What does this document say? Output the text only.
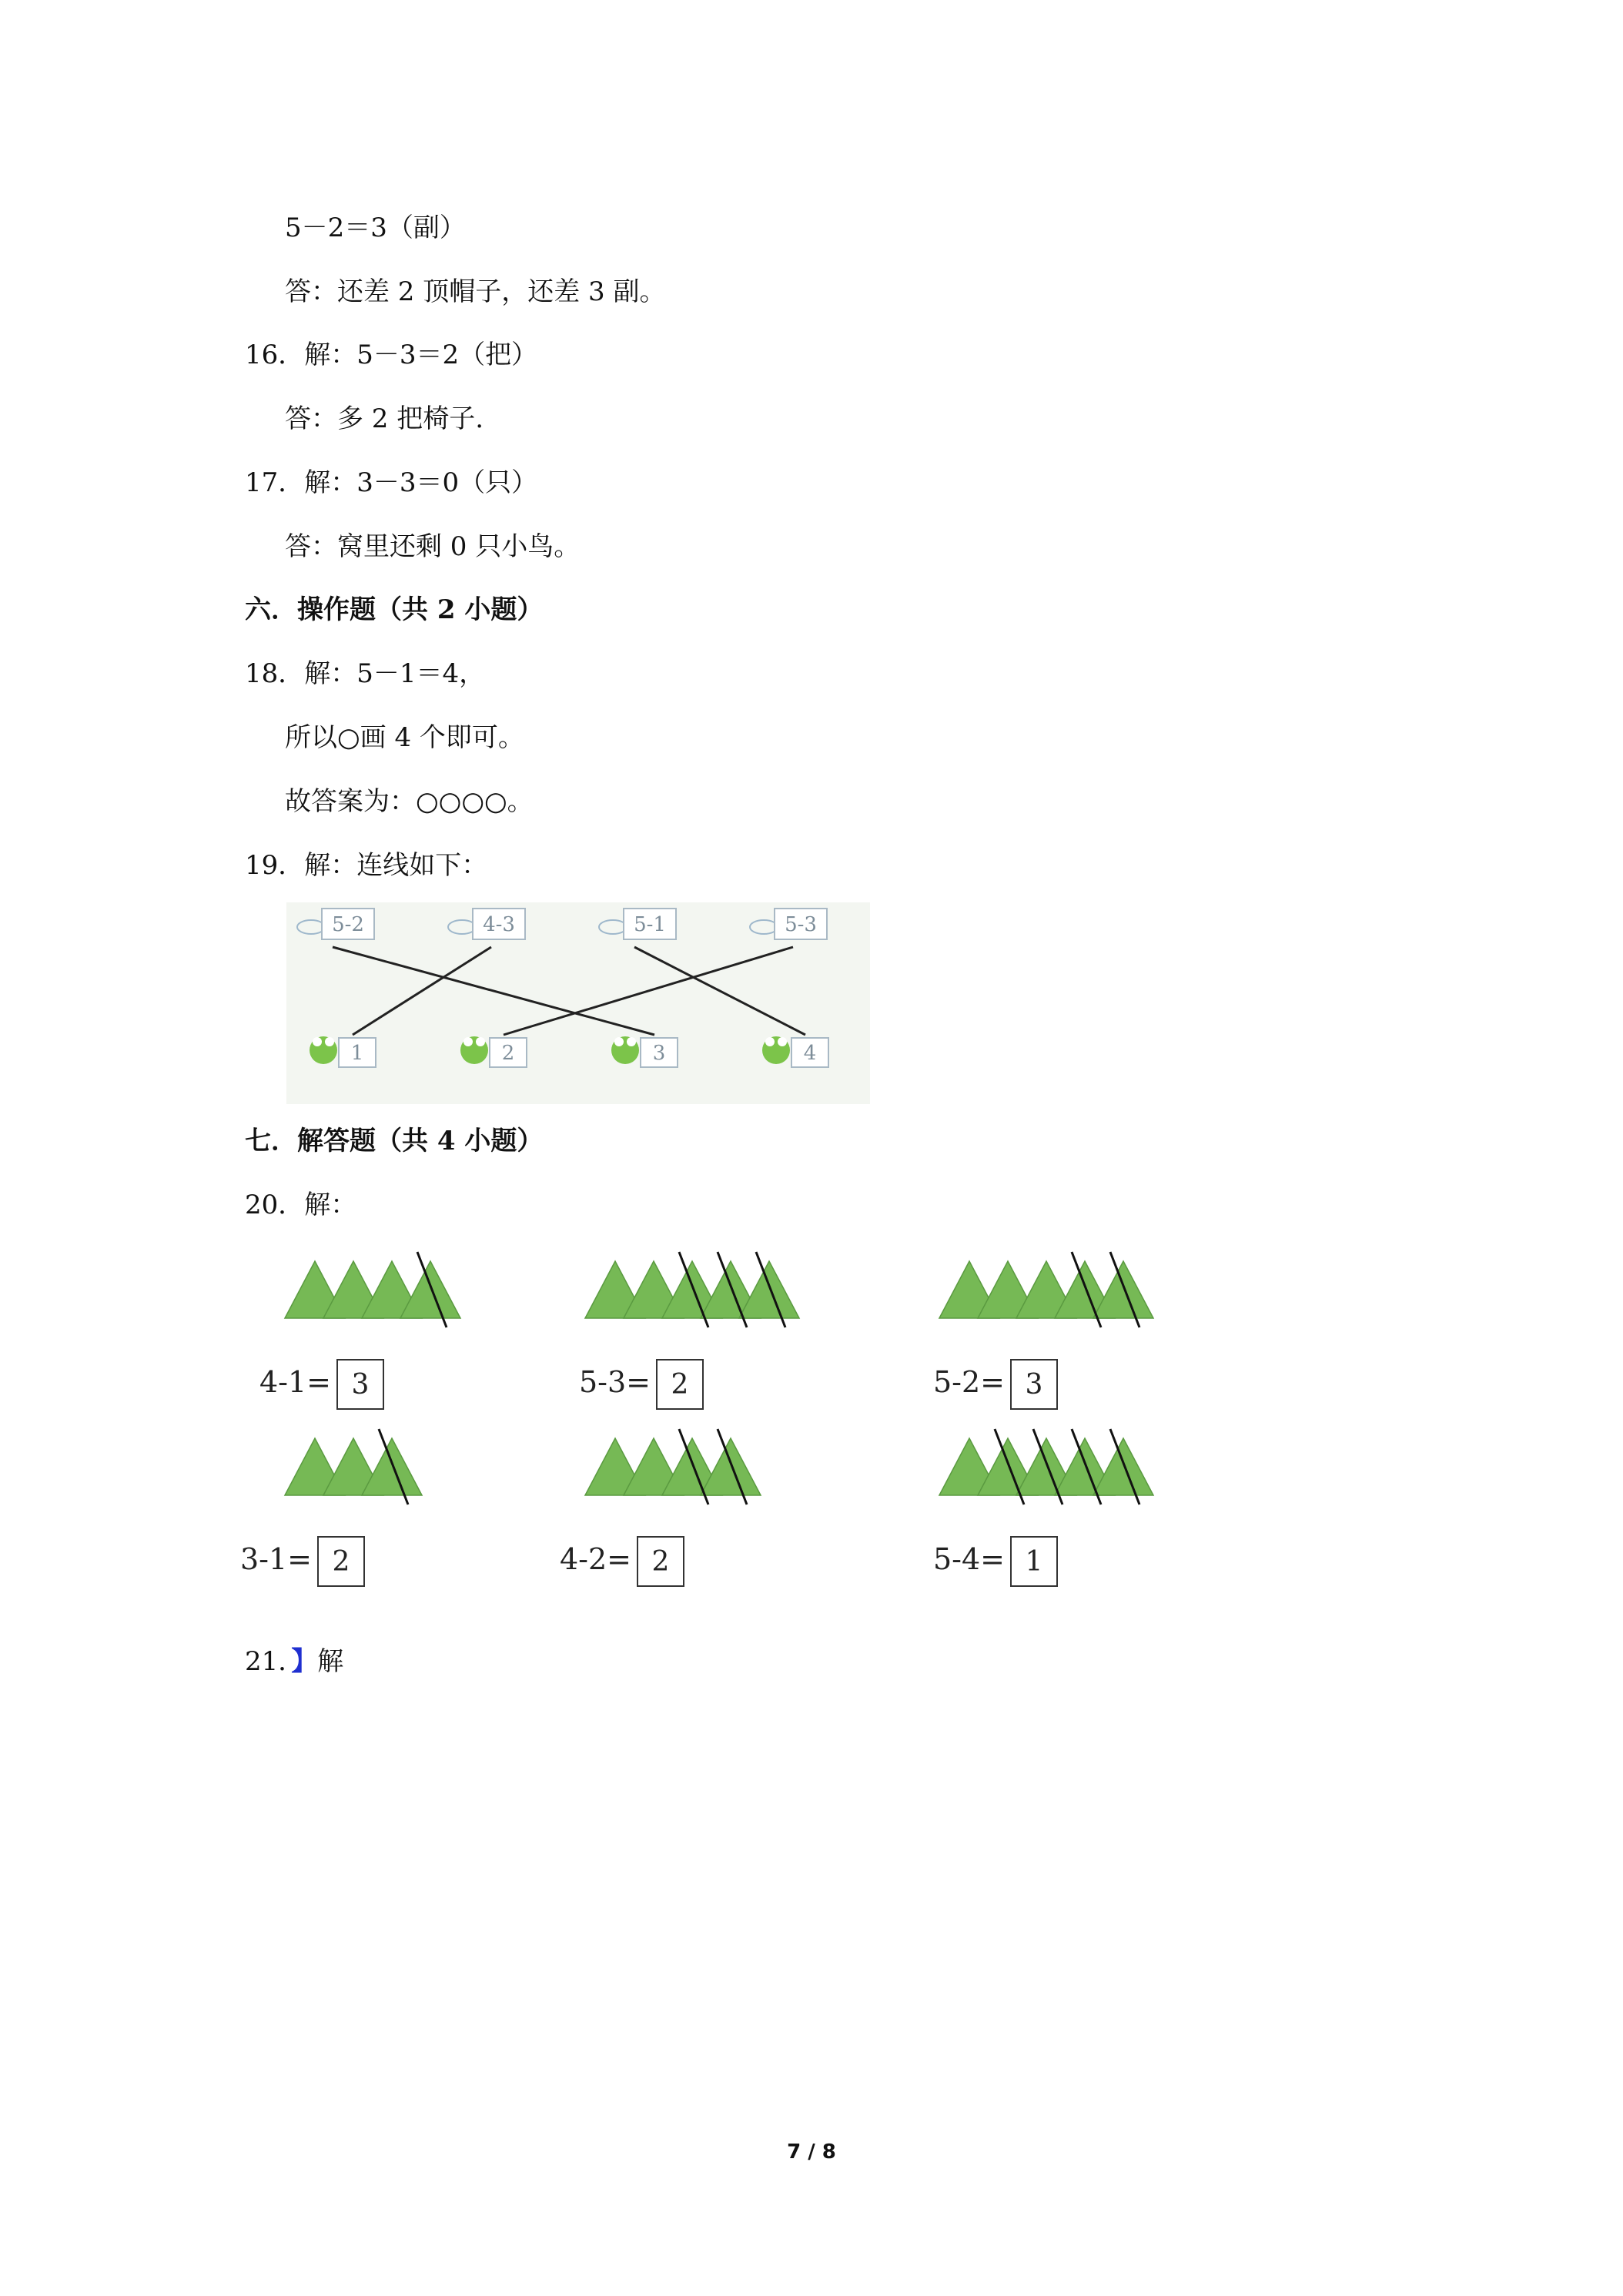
5－2＝3（副）
答：还差 2 顶帽子，还差 3 副。
16．解：5－3＝2（把）
答：多 2 把椅子.
17．解：3－3＝0（只）
答：窝里还剩 0 只小鸟。
六．操作题（共 2 小题）
18．解：5－1＝4，
所以○画 4 个即可。
故答案为：○○○○。
19．解：连线如下：
5-2	4-3	5-1	5-3
1	2	3	4
七．解答题（共 4 小题）
20．解：
4-1= 3	5-3= 2	5-2= 3
3-1= 2	4-2= 2	5-4= 1
21．】解
7 / 8
